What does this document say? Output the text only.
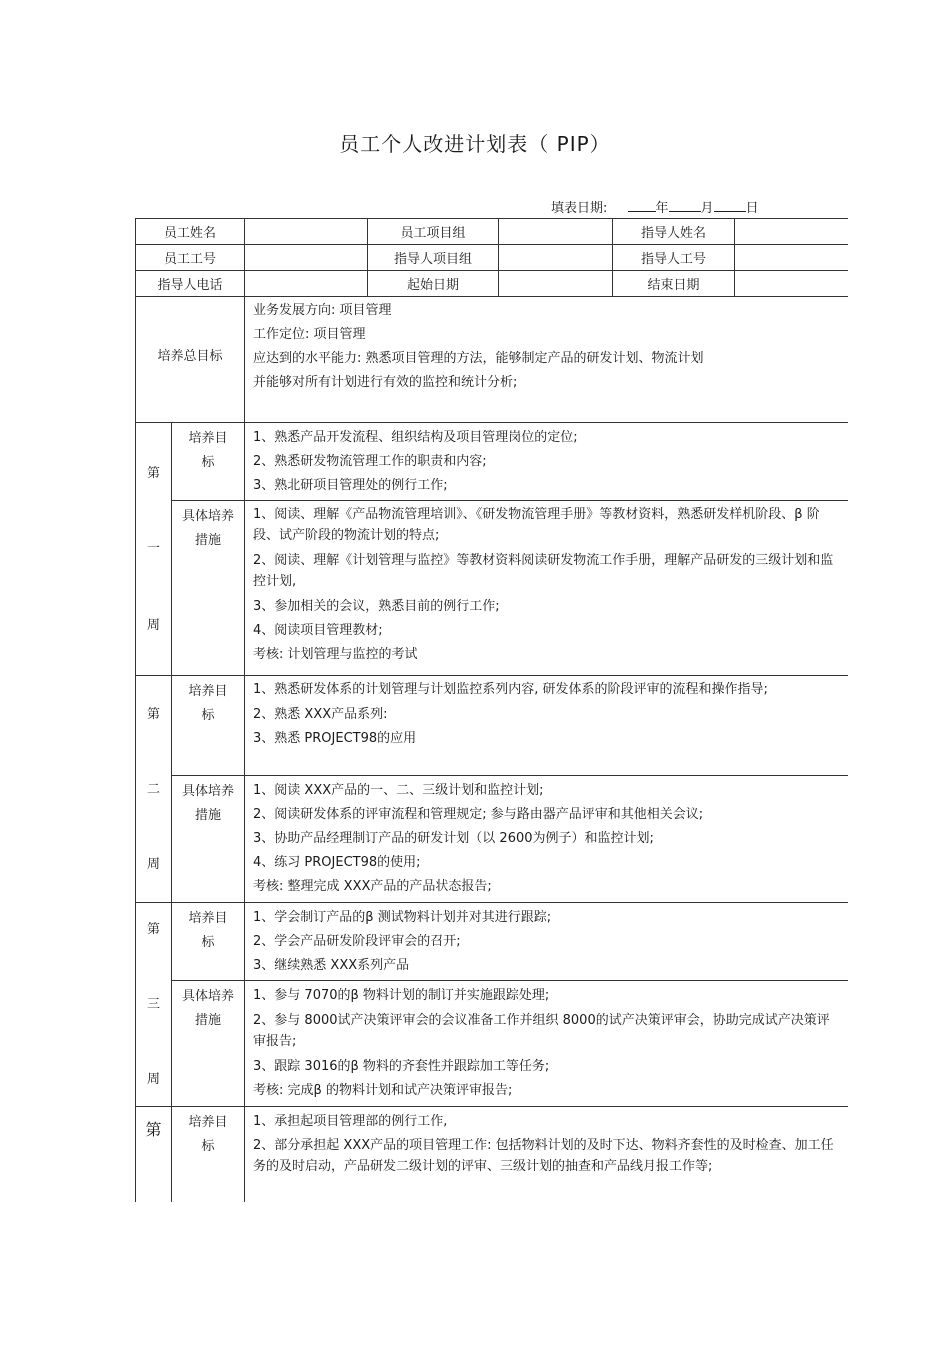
员工个人改进计划表（ PIP）
填表日期:	年 月 日
员工姓名			员工项目组		指导人姓名	
员工工号			指导人项目组		指导人工号	
指导人电话			起始日期		结束日期	
培养总目标		业务发展方向: 项目管理
工作定位: 项目管理
应达到的水平能力: 熟悉项目管理的方法，能够制定产品的研发计划、物流计划
并能够对所有计划进行有效的监控和统计分析;				

第
一
周	培养目标	1、熟悉产品开发流程、组织结构及项目管理岗位的定位;
2、熟悉研发物流管理工作的职责和内容;
3、熟北研项目管理处的例行工作;				

	具体培养措施	1、阅读、理解《产品物流管理培训》、《研发物流管理手册》等教材资料，熟悉研发样机阶段、β 阶段、试产阶段的物流计划的特点;
2、阅读、理解《计划管理与监控》等教材资料阅读研发物流工作手册，理解产品研发的三级计划和监控计划,
3、参加相关的会议，熟悉目前的例行工作;
4、阅读项目管理教材;
考核: 计划管理与监控的考试				

第
二
周	培养目标	1、熟悉研发体系的计划管理与计划监控系列内容, 研发体系的阶段评审的流程和操作指导;
2、熟悉 XXX产品系列:
3、熟悉 PROJECT98的应用				

	具体培养措施	1、阅读 XXX产品的一、二、三级计划和监控计划;
2、阅读研发体系的评审流程和管理规定; 参与路由器产品评审和其他相关会议;
3、协助产品经理制订产品的研发计划（以 2600为例子）和监控计划;
4、练习 PROJECT98的使用;
考核: 整理完成 XXX产品的产品状态报告;				

第
三
周	培养目标	1、学会制订产品的β 测试物料计划并对其进行跟踪;
2、学会产品研发阶段评审会的召开;
3、继续熟悉 XXX系列产品				

	具体培养措施	1、参与 7070的β 物料计划的制订并实施跟踪处理;
2、参与 8000试产决策评审会的会议准备工作并组织 8000的试产决策评审会，协助完成试产决策评审报告;
3、跟踪 3016的β 物料的齐套性并跟踪加工等任务;
考核: 完成β 的物料计划和试产决策评审报告;				

第	培养目标	1、承担起项目管理部的例行工作,
2、部分承担起 XXX产品的项目管理工作: 包括物料计划的及时下达、物料齐套性的及时检查、加工任务的及时启动，产品研发二级计划的评审、三级计划的抽查和产品线月报工作等;				
